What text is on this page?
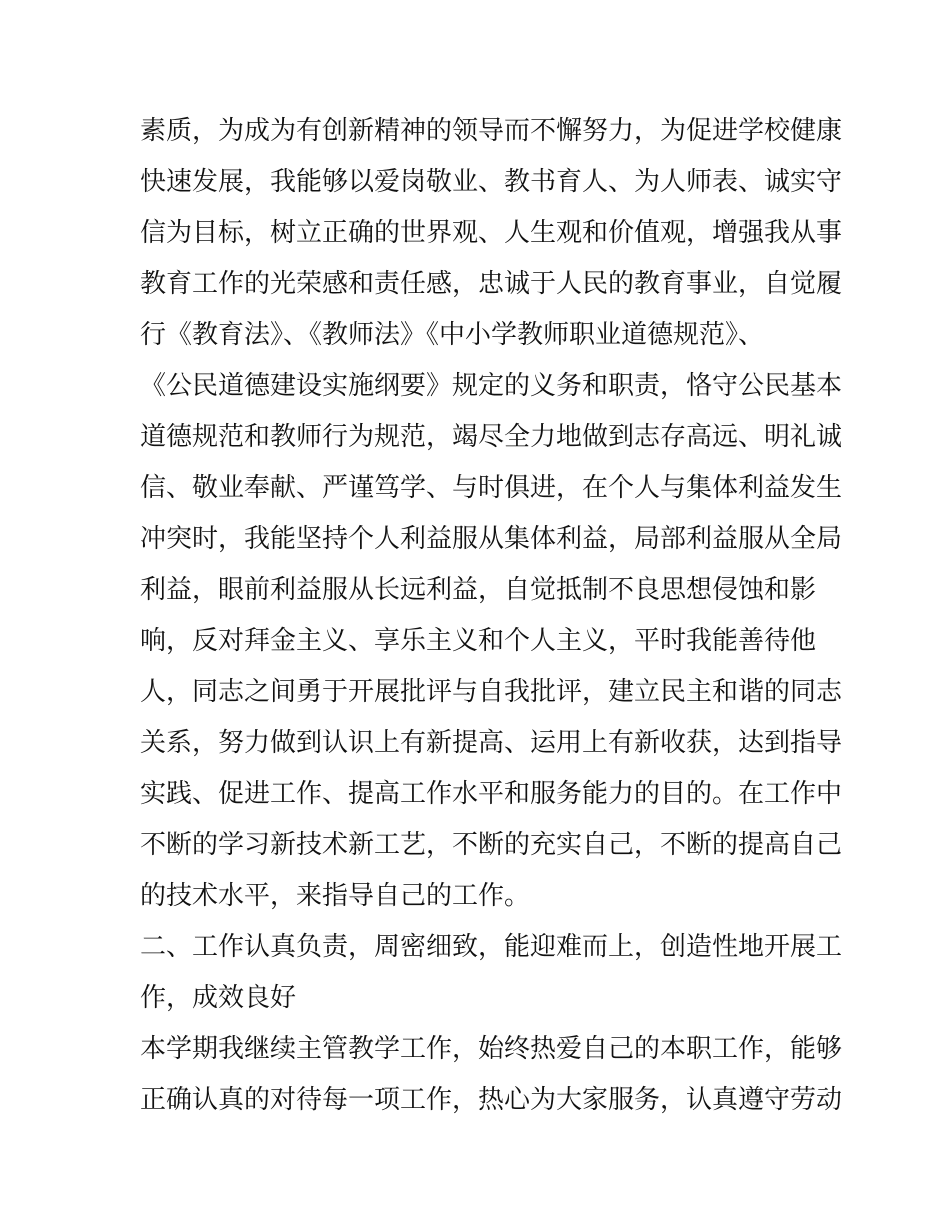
素质，为成为有创新精神的领导而不懈努力，为促进学校健康
快速发展，我能够以爱岗敬业、教书育人、为人师表、诚实守
信为目标，树立正确的世界观、人生观和价值观，增强我从事
教育工作的光荣感和责任感，忠诚于人民的教育事业，自觉履
行《教育法》、《教师法》《中小学教师职业道德规范》、
《公民道德建设实施纲要》规定的义务和职责，恪守公民基本
道德规范和教师行为规范，竭尽全力地做到志存高远、明礼诚
信、敬业奉献、严谨笃学、与时俱进，在个人与集体利益发生
冲突时，我能坚持个人利益服从集体利益，局部利益服从全局
利益，眼前利益服从长远利益，自觉抵制不良思想侵蚀和影
响，反对拜金主义、享乐主义和个人主义，平时我能善待他
人，同志之间勇于开展批评与自我批评，建立民主和谐的同志
关系，努力做到认识上有新提高、运用上有新收获，达到指导
实践、促进工作、提高工作水平和服务能力的目的。在工作中
不断的学习新技术新工艺，不断的充实自己，不断的提高自己
的技术水平，来指导自己的工作。
二、工作认真负责，周密细致，能迎难而上，创造性地开展工
作，成效良好
本学期我继续主管教学工作，始终热爱自己的本职工作，能够
正确认真的对待每一项工作，热心为大家服务，认真遵守劳动
